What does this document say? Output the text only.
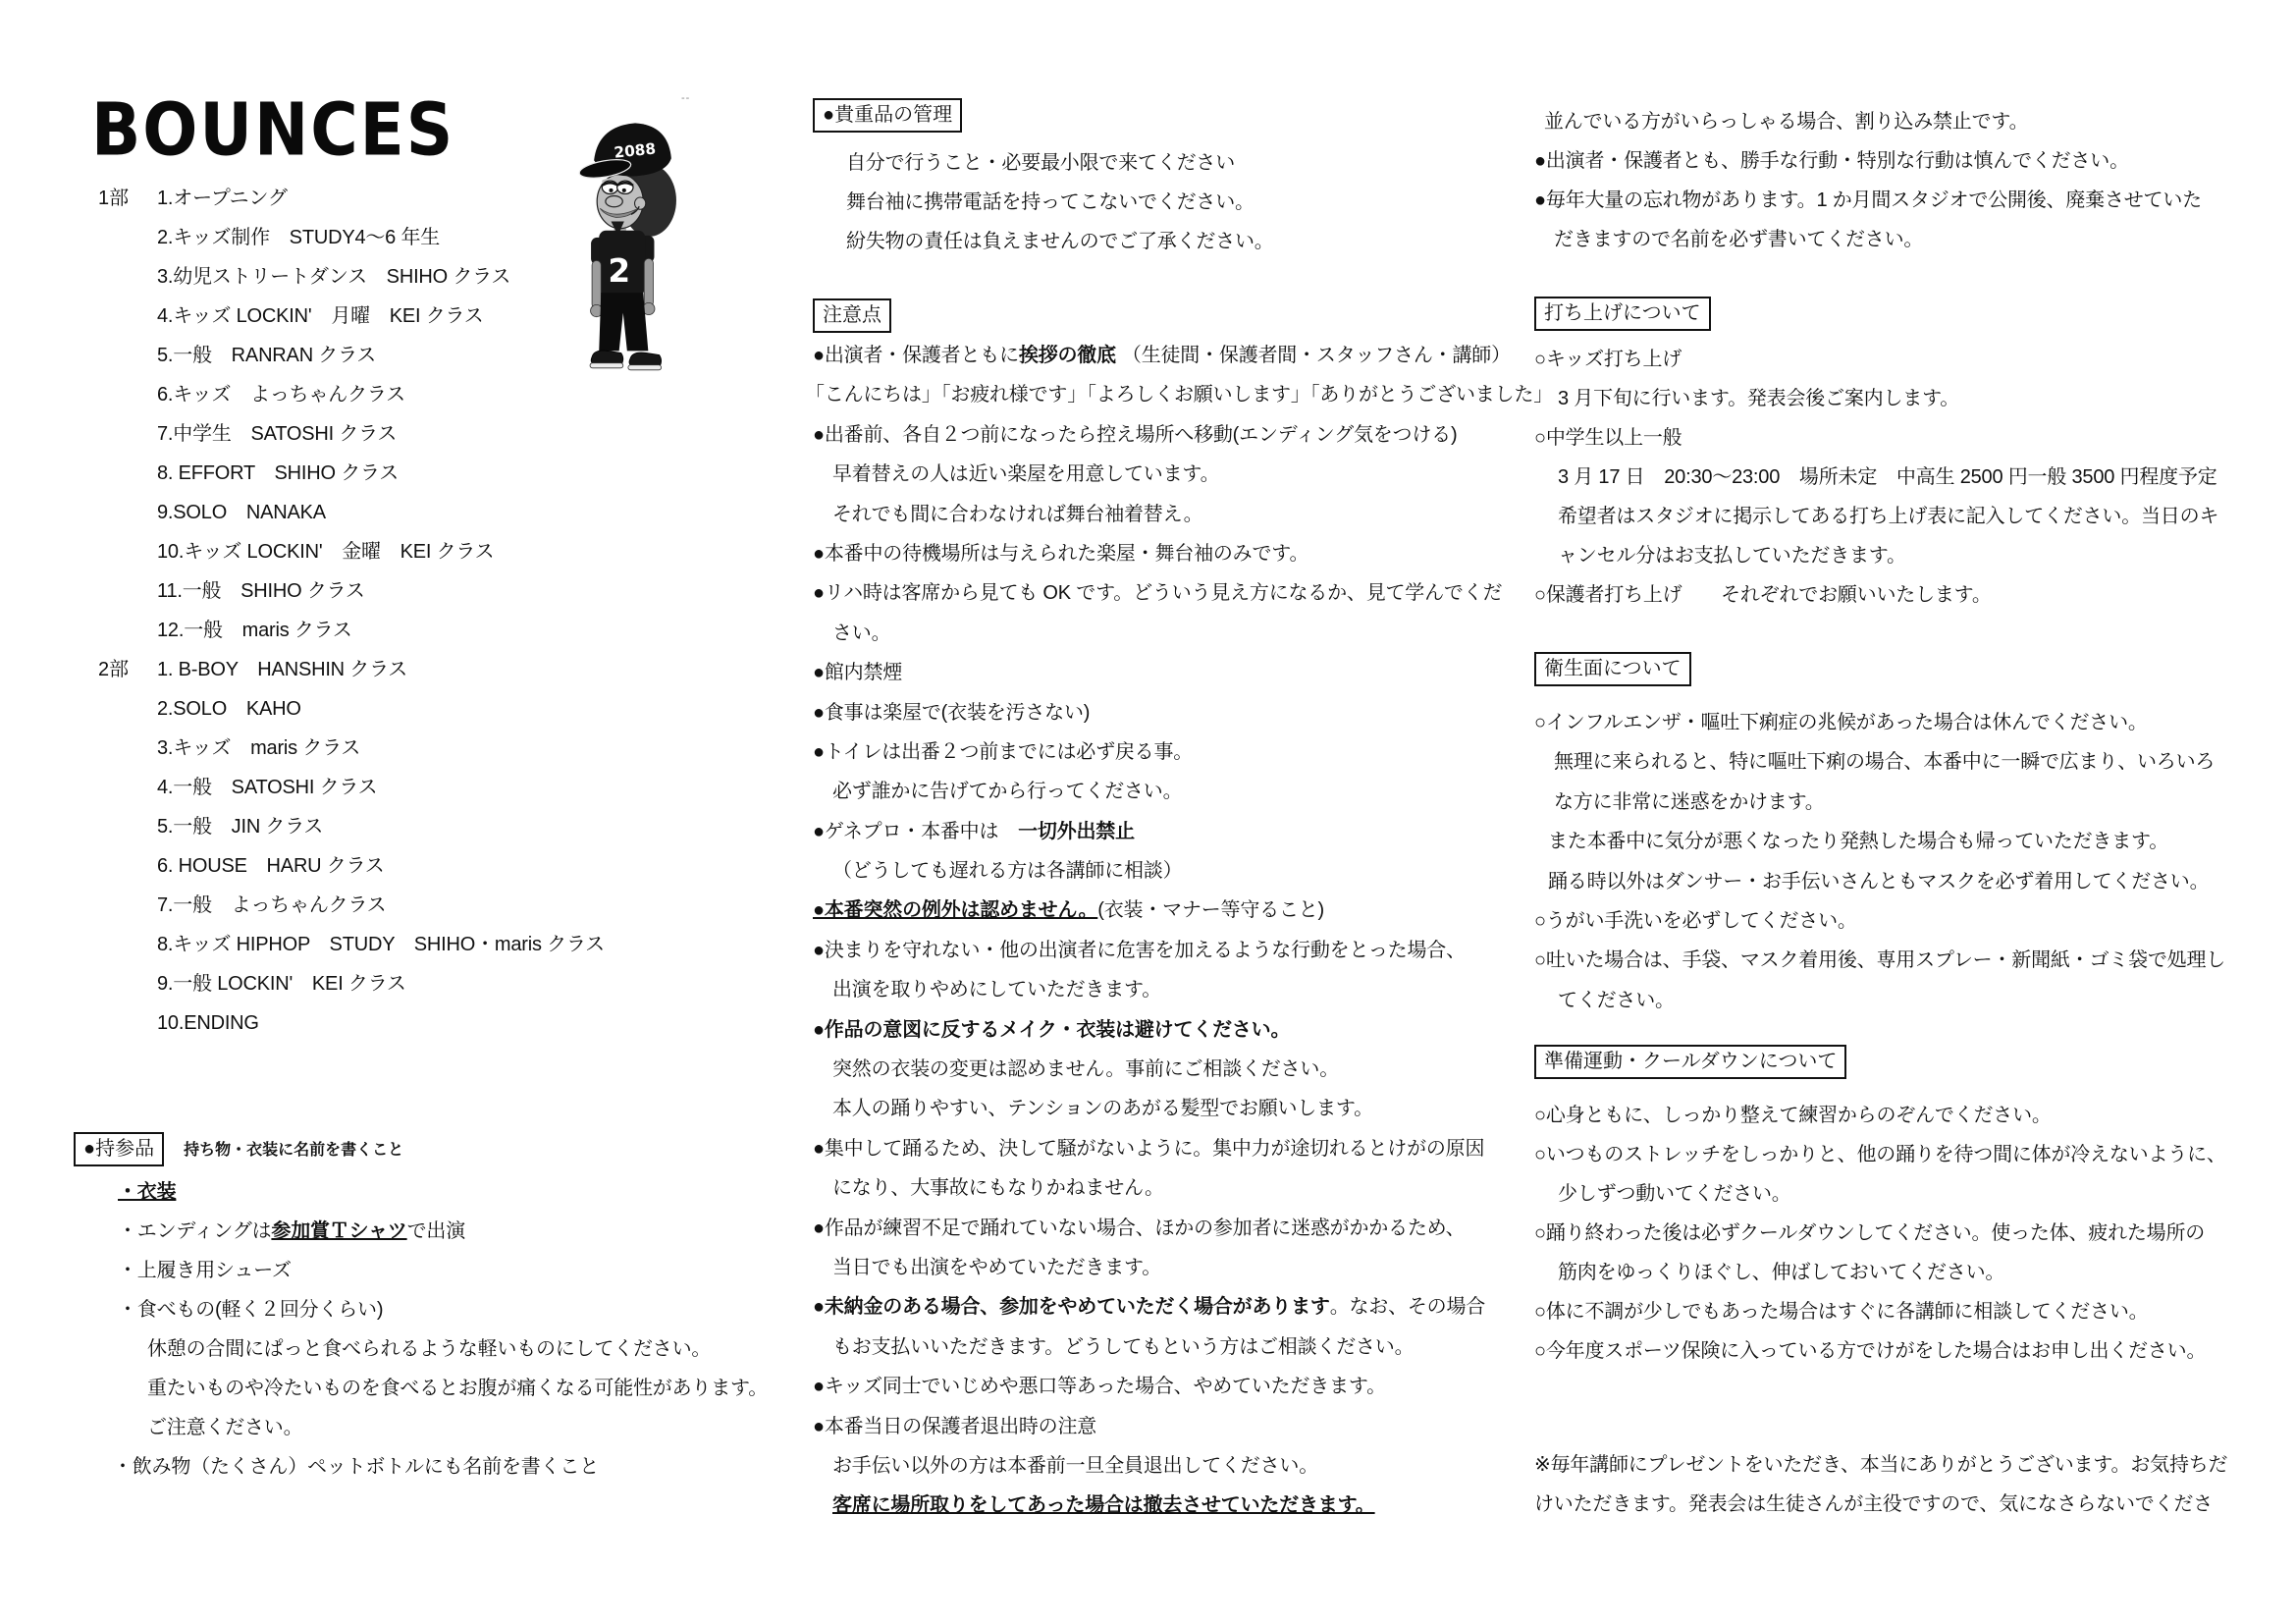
BOUNCES	2088
2
--
1部
2部
1.オープニング
2.キッズ制作　STUDY4～6 年生
3.幼児ストリートダンス　SHIHO クラス
4.キッズ LOCKIN'　月曜　KEI クラス
5.一般　RANRAN クラス
6.キッズ　よっちゃんクラス
7.中学生　SATOSHI クラス
8. EFFORT　SHIHO クラス
9.SOLO　NANAKA
10.キッズ LOCKIN'　金曜　KEI クラス
11.一般　SHIHO クラス
12.一般　maris クラス
1. B-BOY　HANSHIN クラス
2.SOLO　KAHO
3.キッズ　maris クラス
4.一般　SATOSHI クラス
5.一般　JIN クラス
6. HOUSE　HARU クラス
7.一般　よっちゃんクラス
8.キッズ HIPHOP　STUDY　SHIHO・maris クラス
9.一般 LOCKIN'　KEI クラス
10.ENDING
●持参品 持ち物・衣装に名前を書くこと
・衣装
・エンディングは参加賞Ｔシャツで出演
・上履き用シューズ
・食べもの(軽く２回分くらい)
休憩の合間にぱっと食べられるような軽いものにしてください。
重たいものや冷たいものを食べるとお腹が痛くなる可能性があります。
ご注意ください。
・飲み物（たくさん）ペットボトルにも名前を書くこと
●貴重品の管理
自分で行うこと・必要最小限で来てください
舞台袖に携帯電話を持ってこないでください。
紛失物の責任は負えませんのでご了承ください。
注意点
●出演者・保護者ともに挨拶の徹底 （生徒間・保護者間・スタッフさん・講師）
「こんにちは」「お疲れ様です」「よろしくお願いします」「ありがとうございました」
●出番前、各自２つ前になったら控え場所へ移動(エンディング気をつける)
早着替えの人は近い楽屋を用意しています。
それでも間に合わなければ舞台袖着替え。
●本番中の待機場所は与えられた楽屋・舞台袖のみです。
●リハ時は客席から見ても OK です。どういう見え方になるか、見て学んでくだ
さい。
●館内禁煙
●食事は楽屋で(衣装を汚さない)
●トイレは出番２つ前までには必ず戻る事。
必ず誰かに告げてから行ってください。
●ゲネプロ・本番中は　一切外出禁止
（どうしても遅れる方は各講師に相談）
●本番突然の例外は認めません。(衣装・マナー等守ること)
●決まりを守れない・他の出演者に危害を加えるような行動をとった場合、
出演を取りやめにしていただきます。
●作品の意図に反するメイク・衣装は避けてください。
突然の衣装の変更は認めません。事前にご相談ください。
本人の踊りやすい、テンションのあがる髪型でお願いします。
●集中して踊るため、決して騒がないように。集中力が途切れるとけがの原因
になり、大事故にもなりかねません。
●作品が練習不足で踊れていない場合、ほかの参加者に迷惑がかかるため、
当日でも出演をやめていただきます。
●未納金のある場合、参加をやめていただく場合があります。なお、その場合
もお支払いいただきます。どうしてもという方はご相談ください。
●キッズ同士でいじめや悪口等あった場合、やめていただきます。
●本番当日の保護者退出時の注意
お手伝い以外の方は本番前一旦全員退出してください。
客席に場所取りをしてあった場合は撤去させていただきます。
並んでいる方がいらっしゃる場合、割り込み禁止です。
●出演者・保護者とも、勝手な行動・特別な行動は慎んでください。
●毎年大量の忘れ物があります。1 か月間スタジオで公開後、廃棄させていた
だきますので名前を必ず書いてください。
打ち上げについて
○キッズ打ち上げ
3 月下旬に行います。発表会後ご案内します。
○中学生以上一般
3 月 17 日　20:30～23:00　場所未定　中高生 2500 円一般 3500 円程度予定
希望者はスタジオに掲示してある打ち上げ表に記入してください。当日のキ
ャンセル分はお支払していただきます。
○保護者打ち上げ　　それぞれでお願いいたします。
衛生面について
○インフルエンザ・嘔吐下痢症の兆候があった場合は休んでください。
無理に来られると、特に嘔吐下痢の場合、本番中に一瞬で広まり、いろいろ
な方に非常に迷惑をかけます。
また本番中に気分が悪くなったり発熱した場合も帰っていただきます。
踊る時以外はダンサー・お手伝いさんともマスクを必ず着用してください。
○うがい手洗いを必ずしてください。
○吐いた場合は、手袋、マスク着用後、専用スプレー・新聞紙・ゴミ袋で処理し
てください。
準備運動・クールダウンについて
○心身ともに、しっかり整えて練習からのぞんでください。
○いつものストレッチをしっかりと、他の踊りを待つ間に体が冷えないように、
少しずつ動いてください。
○踊り終わった後は必ずクールダウンしてください。使った体、疲れた場所の
筋肉をゆっくりほぐし、伸ばしておいてください。
○体に不調が少しでもあった場合はすぐに各講師に相談してください。
○今年度スポーツ保険に入っている方でけがをした場合はお申し出ください。
※毎年講師にプレゼントをいただき、本当にありがとうございます。お気持ちだ
けいただきます。発表会は生徒さんが主役ですので、気になさらないでくださ
